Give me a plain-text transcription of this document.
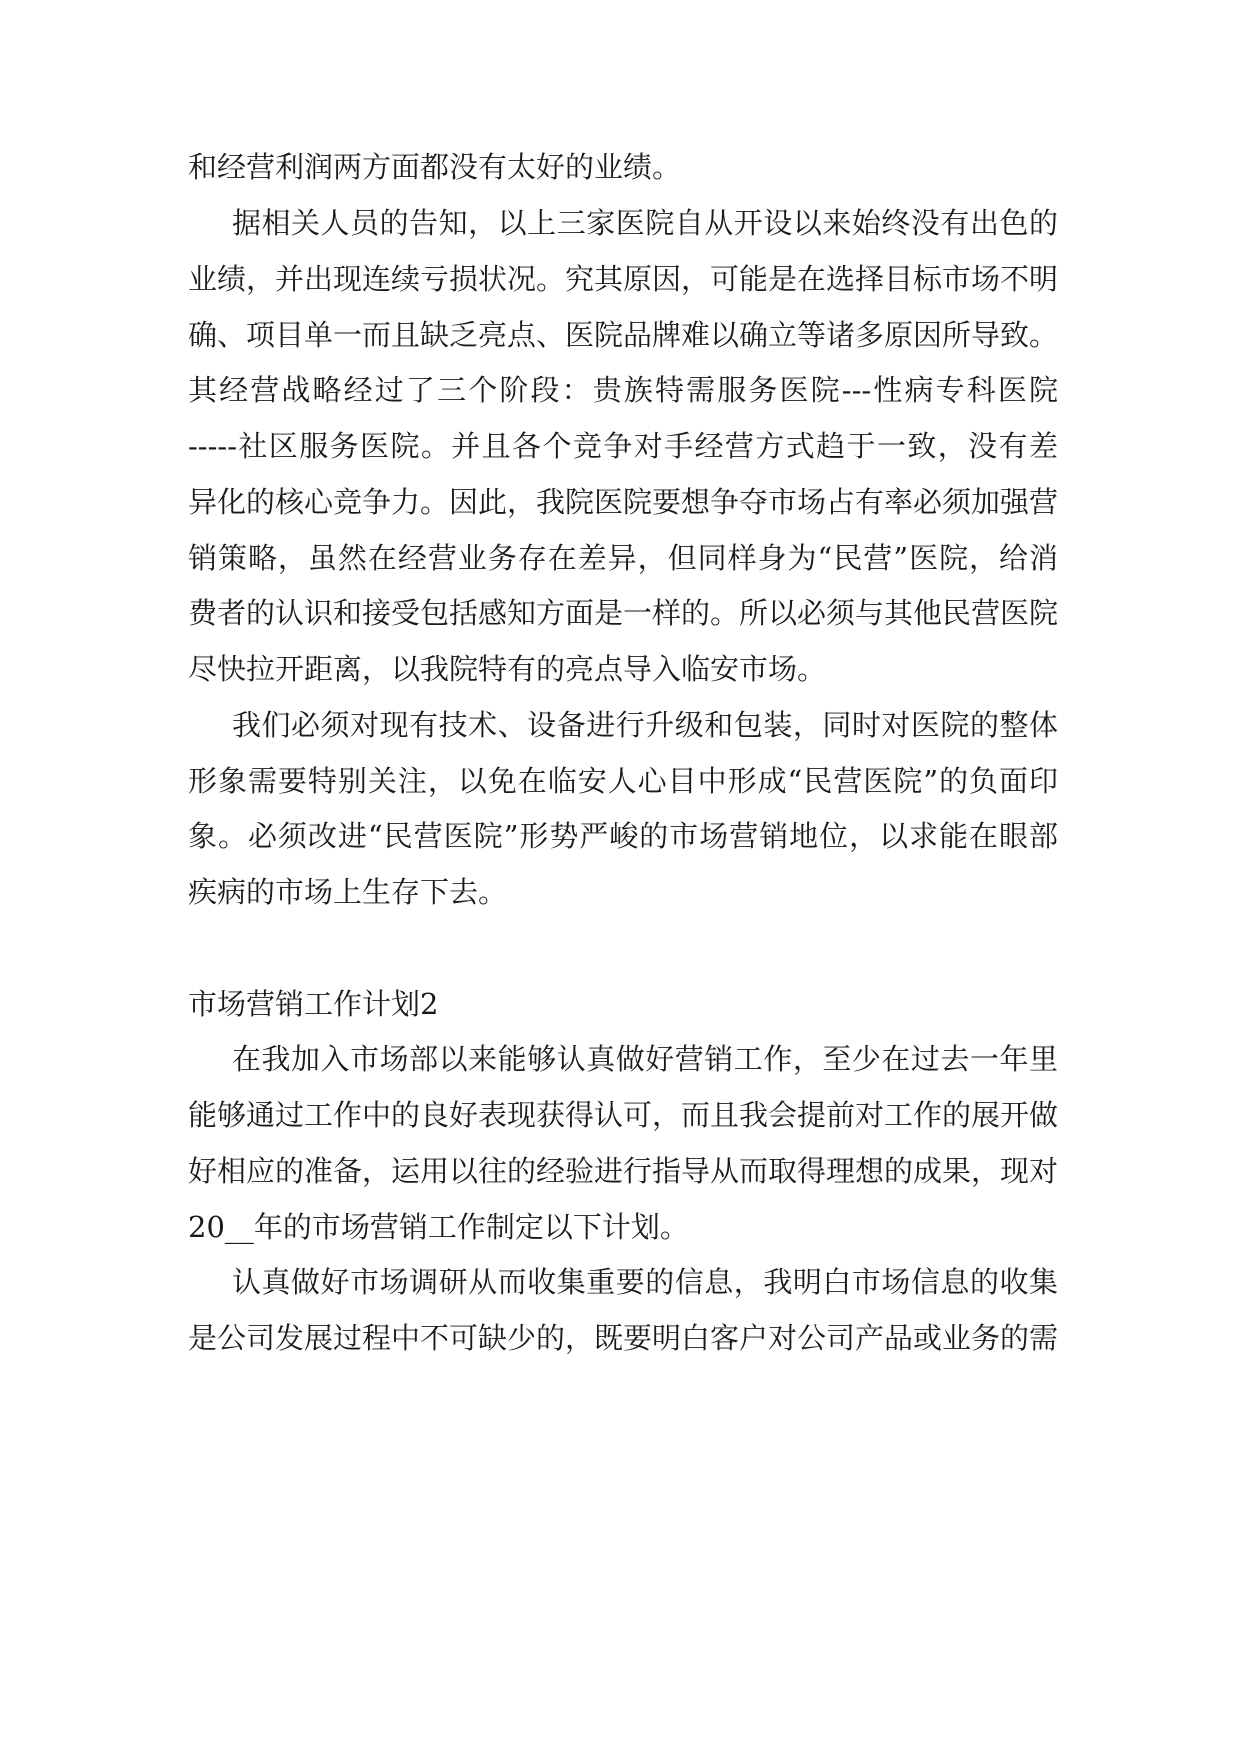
和经营利润两方面都没有太好的业绩。
据相关人员的告知，以上三家医院自从开设以来始终没有出色的
业绩，并出现连续亏损状况。究其原因，可能是在选择目标市场不明
确、项目单一而且缺乏亮点、医院品牌难以确立等诸多原因所导致。
其经营战略经过了三个阶段：贵族特需服务医院---性病专科医院
-----社区服务医院。并且各个竞争对手经营方式趋于一致，没有差
异化的核心竞争力。因此，我院医院要想争夺市场占有率必须加强营
销策略，虽然在经营业务存在差异，但同样身为“民营”医院，给消
费者的认识和接受包括感知方面是一样的。所以必须与其他民营医院
尽快拉开距离，以我院特有的亮点导入临安市场。
我们必须对现有技术、设备进行升级和包装，同时对医院的整体
形象需要特别关注，以免在临安人心目中形成“民营医院”的负面印
象。必须改进“民营医院”形势严峻的市场营销地位，以求能在眼部
疾病的市场上生存下去。
市场营销工作计划2
在我加入市场部以来能够认真做好营销工作，至少在过去一年里
能够通过工作中的良好表现获得认可，而且我会提前对工作的展开做
好相应的准备，运用以往的经验进行指导从而取得理想的成果，现对
20__年的市场营销工作制定以下计划。
认真做好市场调研从而收集重要的信息，我明白市场信息的收集
是公司发展过程中不可缺少的，既要明白客户对公司产品或业务的需
